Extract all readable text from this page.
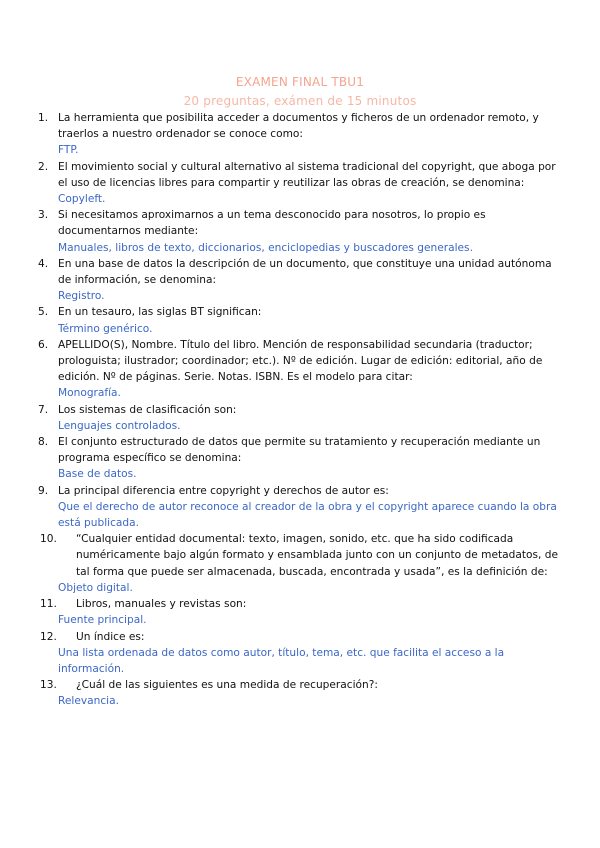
EXAMEN FINAL TBU1
20 preguntas, exámen de 15 minutos
1. La herramienta que posibilita acceder a documentos y ficheros de un ordenador remoto, y traerlos a nuestro ordenador se conoce como:
FTP.
2. El movimiento social y cultural alternativo al sistema tradicional del copyright, que aboga por el uso de licencias libres para compartir y reutilizar las obras de creación, se denomina:
Copyleft.
3. Si necesitamos aproximarnos a un tema desconocido para nosotros, lo propio es documentarnos mediante:
Manuales, libros de texto, diccionarios, enciclopedias y buscadores generales.
4. En una base de datos la descripción de un documento, que constituye una unidad autónoma de información, se denomina:
Registro.
5. En un tesauro, las siglas BT significan:
Término genérico.
6. APELLIDO(S), Nombre. Título del libro. Mención de responsabilidad secundaria (traductor; prologuista; ilustrador; coordinador; etc.). Nº de edición. Lugar de edición: editorial, año de edición. Nº de páginas. Serie. Notas. ISBN. Es el modelo para citar:
Monografía.
7. Los sistemas de clasificación son:
Lenguajes controlados.
8. El conjunto estructurado de datos que permite su tratamiento y recuperación mediante un programa específico se denomina:
Base de datos.
9. La principal diferencia entre copyright y derechos de autor es:
Que el derecho de autor reconoce al creador de la obra y el copyright aparece cuando la obra está publicada.
10. “Cualquier entidad documental: texto, imagen, sonido, etc. que ha sido codificada numéricamente bajo algún formato y ensamblada junto con un conjunto de metadatos, de tal forma que puede ser almacenada, buscada, encontrada y usada”, es la definición de:
Objeto digital.
11. Libros, manuales y revistas son:
Fuente principal.
12. Un índice es:
Una lista ordenada de datos como autor, título, tema, etc. que facilita el acceso a la información.
13. ¿Cuál de las siguientes es una medida de recuperación?:
Relevancia.
